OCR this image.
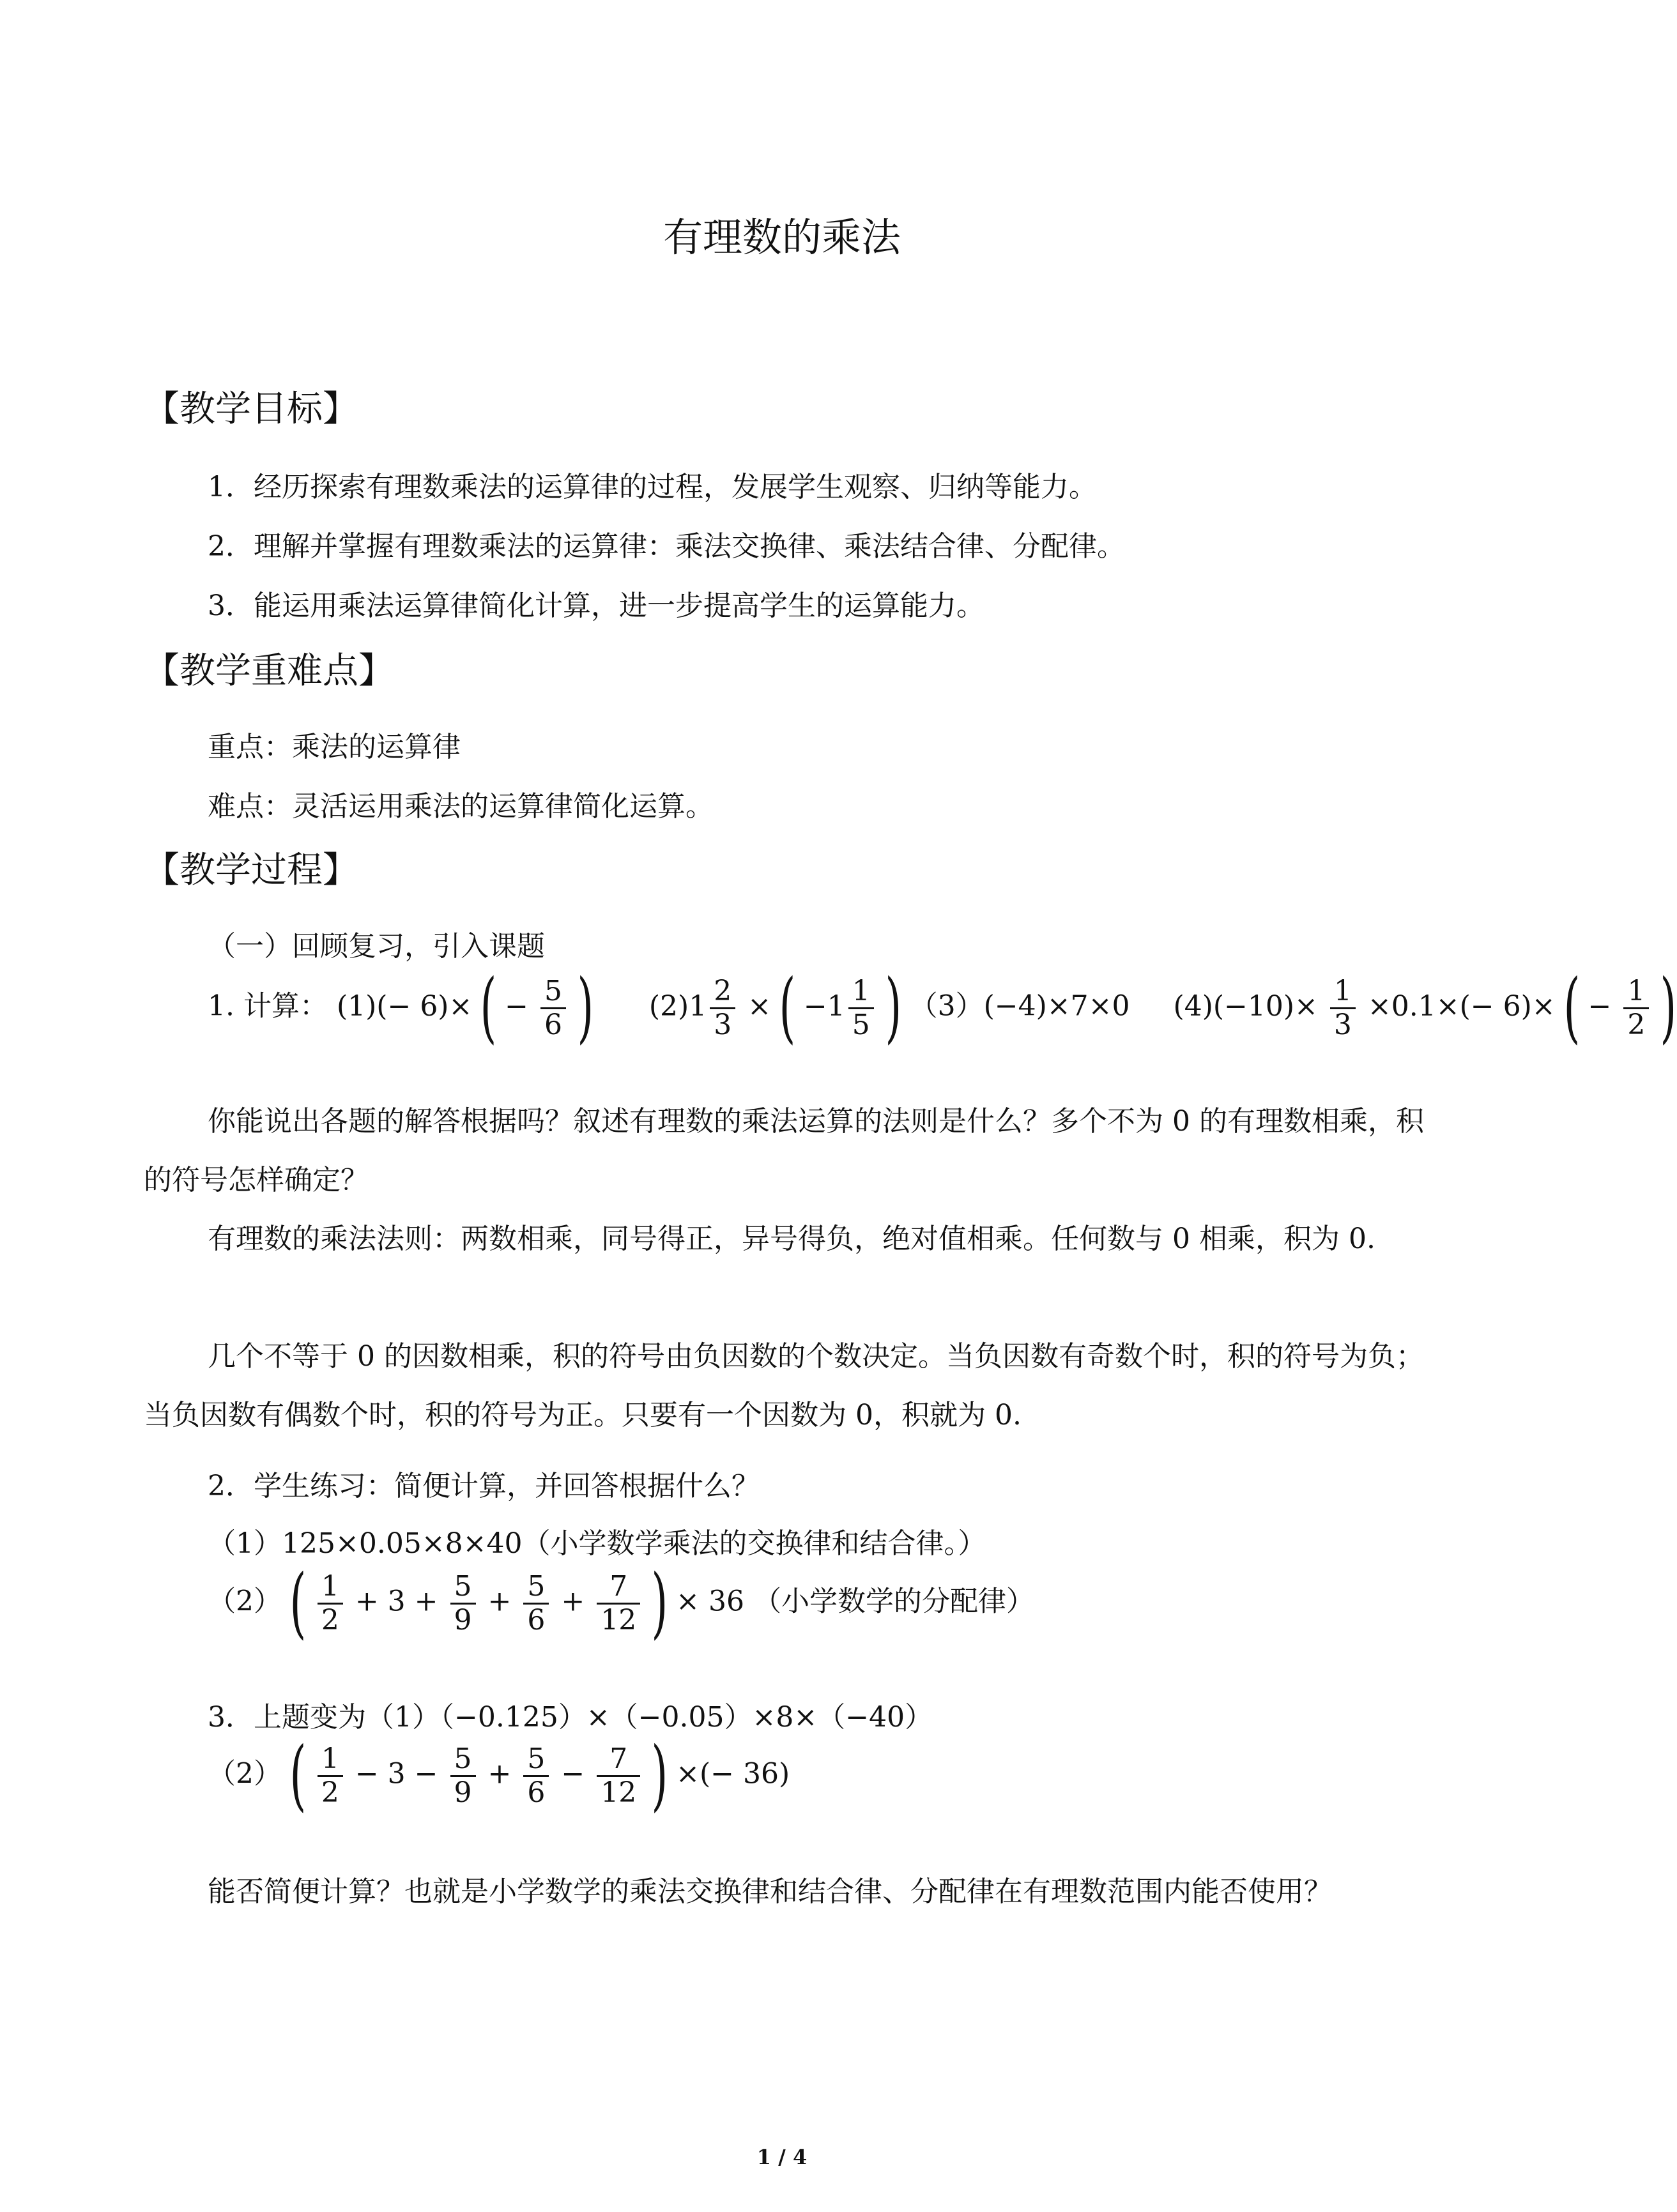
有理数的乘法
【教学目标】
1．经历探索有理数乘法的运算律的过程，发展学生观察、归纳等能力。
2．理解并掌握有理数乘法的运算律：乘法交换律、乘法结合律、分配律。
3．能运用乘法运算律简化计算，进一步提高学生的运算能力。
【教学重难点】
重点：乘法的运算律
难点：灵活运用乘法的运算律简化运算。
【教学过程】
（一）回顾复习，引入课题
1. 计算： (1)(− 6)× ( − $\frac{5}{6}$ ) $(2)1 \frac{2}{3}$ × ( $-1 \frac{1}{5}$ ) （3）(−4)×7×0 $(4)(-10)\times \frac{1}{3} \times 0.1\times(- 6)\times$ ( − $\frac{1}{2}$ )
你能说出各题的解答根据吗？叙述有理数的乘法运算的法则是什么？多个不为 0 的有理数相乘，积的符号怎样确定？
有理数的乘法法则：两数相乘，同号得正，异号得负，绝对值相乘。任何数与 0 相乘，积为 0.
几个不等于 0 的因数相乘，积的符号由负因数的个数决定。当负因数有奇数个时，积的符号为负；当负因数有偶数个时，积的符号为正。只要有一个因数为 0，积就为 0.
2．学生练习：简便计算，并回答根据什么？
（1）125×0.05×8×40（小学数学乘法的交换律和结合律。）
（2） ( $\frac{1}{2} + 3 + \frac{5}{9} + \frac{5}{6} + \frac{7}{12}$ ) × 36 （小学数学的分配律）
3．上题变为（1）（−0.125）×（−0.05）×8×（−40）
（2） ( $\frac{1}{2} - 3 - \frac{5}{9} + \frac{5}{6} - \frac{7}{12}$ ) ×(− 36)
能否简便计算？也就是小学数学的乘法交换律和结合律、分配律在有理数范围内能否使用？
1 / 4
